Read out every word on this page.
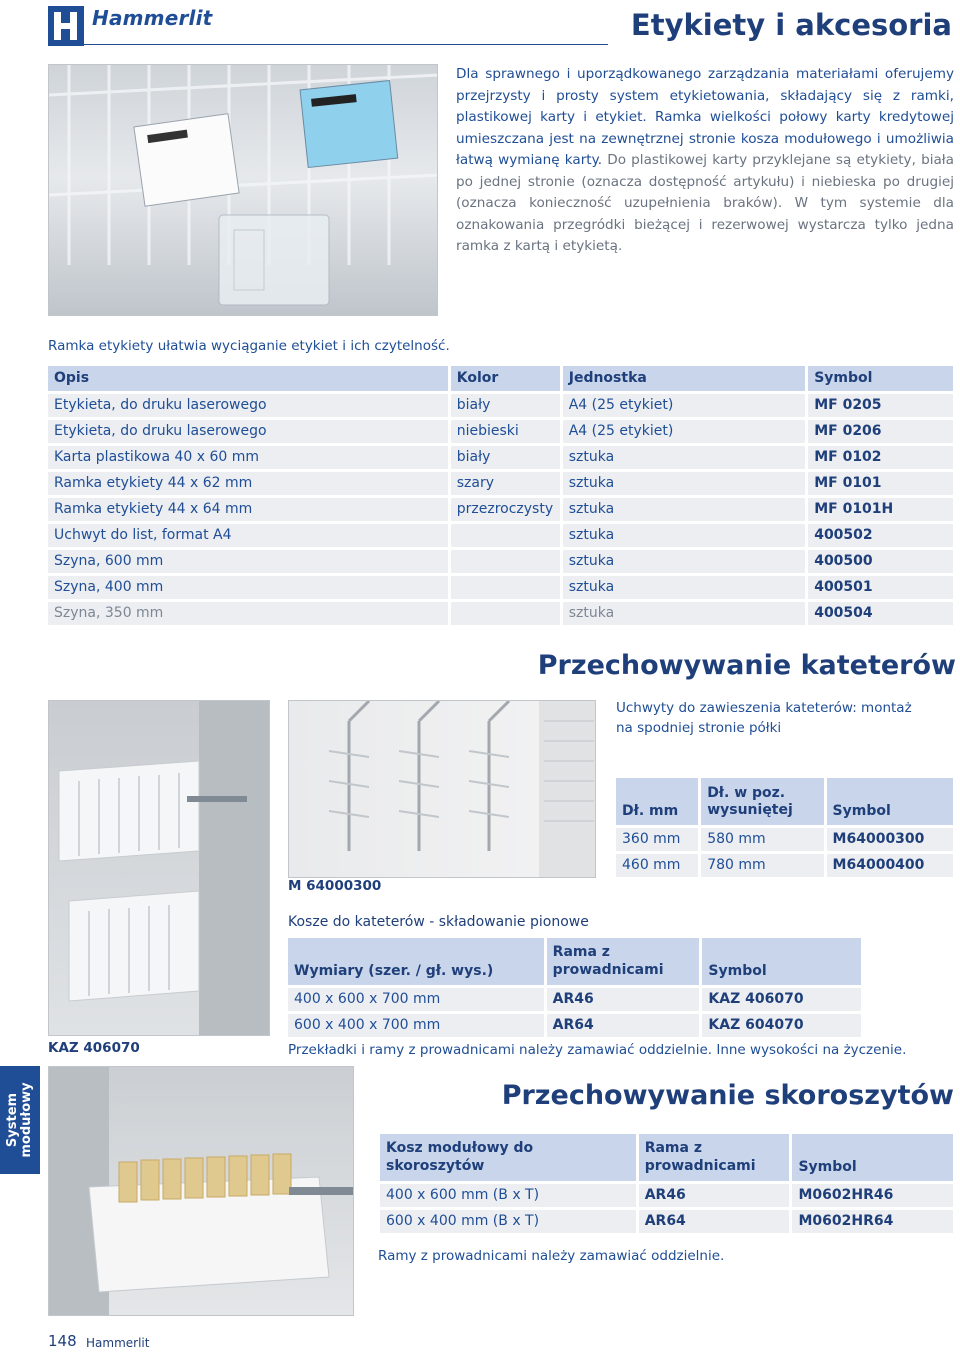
Hammerlit	Etykiety i akcesoria
Dla sprawnego i uporządkowanego zarządzania materiałami oferujemy przejrzysty i prosty system etykietowania, składający się z ramki, plastikowej karty i etykiet. Ramka wielkości połowy karty kredytowej umieszczana jest na zewnętrznej stronie kosza modułowego i umożliwia łatwą wymianę karty. Do plastikowej karty przyklejane są etykiety, biała po jednej stronie (oznacza dostępność artykułu) i niebieska po drugiej (oznacza konieczność uzupełnienia braków). W tym systemie dla oznakowania przegródki bieżącej i rezerwowej wystarcza tylko jedna ramka z kartą i etykietą.
Ramka etykiety ułatwia wyciąganie etykiet i ich czytelność.
Opis	Kolor	Jednostka	Symbol
Etykieta, do druku laserowego	biały	A4 (25 etykiet)	MF 0205
Etykieta, do druku laserowego	niebieski	A4 (25 etykiet)	MF 0206
Karta plastikowa 40 x 60 mm	biały	sztuka	MF 0102
Ramka etykiety 44 x 62 mm	szary	sztuka	MF 0101
Ramka etykiety 44 x 64 mm	przezroczysty	sztuka	MF 0101H
Uchwyt do list, format A4		sztuka	400502
Szyna, 600 mm		sztuka	400500
Szyna, 400 mm		sztuka	400501
Szyna, 350 mm		sztuka	400504
Przechowywanie kateterów
Uchwyty do zawieszenia kateterów: montaż na spodniej stronie półki
M 64000300
Dł. mm	Dł. w poz. wysuniętej	Symbol
360 mm	580 mm	M64000300
460 mm	780 mm	M64000400
Kosze do kateterów - składowanie pionowe
Wymiary (szer. / gł. wys.)	Rama z prowadnicami	Symbol
400 x 600 x 700 mm	AR46	KAZ 406070
600 x 400 x 700 mm	AR64	KAZ 604070
KAZ 406070	Przekładki i ramy z prowadnicami należy zamawiać oddzielnie. Inne wysokości na życzenie.
System modułowy	Przechowywanie skoroszytów
Kosz modułowy do skoroszytów	Rama z prowadnicami	Symbol
400 x 600 mm (B x T)	AR46	M0602HR46
600 x 400 mm (B x T)	AR64	M0602HR64
Ramy z prowadnicami należy zamawiać oddzielnie.
148 Hammerlit
